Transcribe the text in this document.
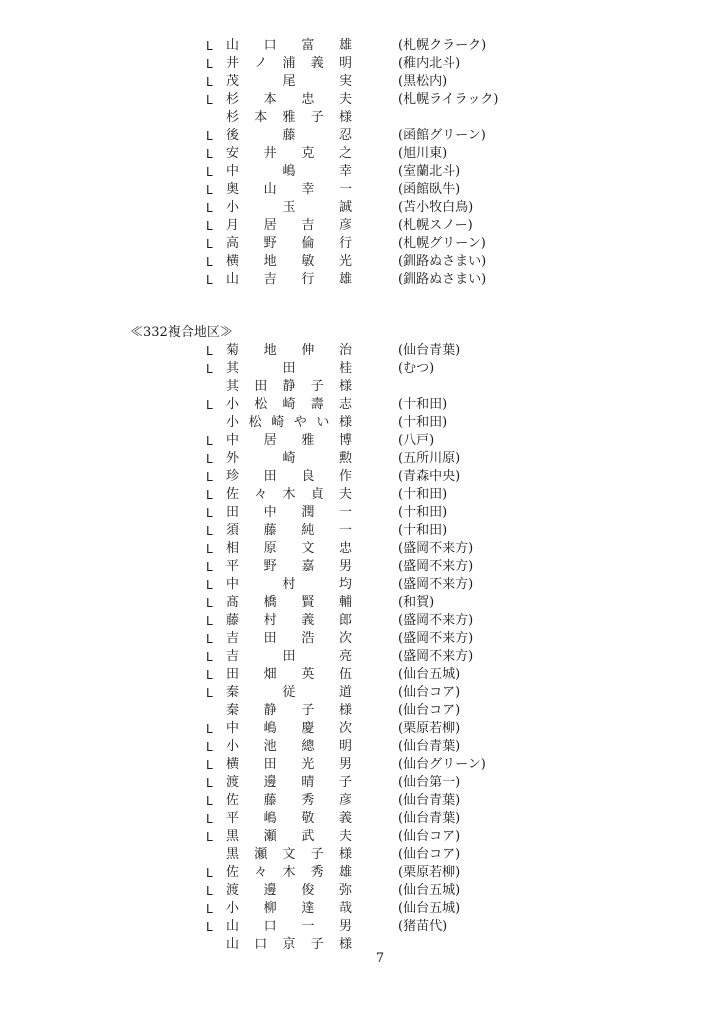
L	山 口 富 雄	(札幌クラーク)
L	井 ノ 浦 義 明	(稚内北斗)
L	茂	尾	実	(黒松内)
L	杉 本 忠 夫	(札幌ライラック)
杉 本 雅 子 様
L	後	藤	忍	(函館グリーン)
L	安 井 克 之	(旭川東)
L	中	嶋	幸	(室蘭北斗)
L	奥 山 幸 一	(函館臥牛)
L	小	玉	誠	(苫小牧白鳥)
L	月 居 吉 彦	(札幌スノー)
L	高 野 倫 行	(札幌グリーン)
L	横 地 敏 光	(釧路ぬさまい)
L	山 吉 行 雄	(釧路ぬさまい)
≪332複合地区≫
L	菊 地 伸 治	(仙台青葉)
L	其	田	桂	(むつ)
其 田 静 子 様
L	小 松 崎 壽 志	(十和田)
小 松 崎 や い 様	(十和田)
L	中 居 雅 博	(八戸)
L	外	崎	勲	(五所川原)
L	珍 田 良 作	(青森中央)
L	佐 々 木 貞 夫	(十和田)
L	田 中 潤 一	(十和田)
L	須 藤 純 一	(十和田)
L	相 原 文 忠	(盛岡不来方)
L	平 野 嘉 男	(盛岡不来方)
L	中	村	均	(盛岡不来方)
L	髙 橋 賢 輔	(和賀)
L	藤 村 義 郎	(盛岡不来方)
L	吉 田 浩 次	(盛岡不来方)
L	吉	田	亮	(盛岡不来方)
L	田 畑 英 伍	(仙台五城)
L	秦	従	道	(仙台コア)
秦 静 子 様	(仙台コア)
L	中 嶋 慶 次	(栗原若柳)
L	小 池 總 明	(仙台青葉)
L	横 田 光 男	(仙台グリーン)
L	渡 邊 晴 子	(仙台第一)
L	佐 藤 秀 彦	(仙台青葉)
L	平 嶋 敬 義	(仙台青葉)
L	黒 瀬 武 夫	(仙台コア)
黒 瀬 文 子 様	(仙台コア)
L	佐 々 木 秀 雄	(栗原若柳)
L	渡 邊 俊 弥	(仙台五城)
L	小 柳 達 哉	(仙台五城)
L	山 口 一 男	(猪苗代)
山 口 京 子 様
7
